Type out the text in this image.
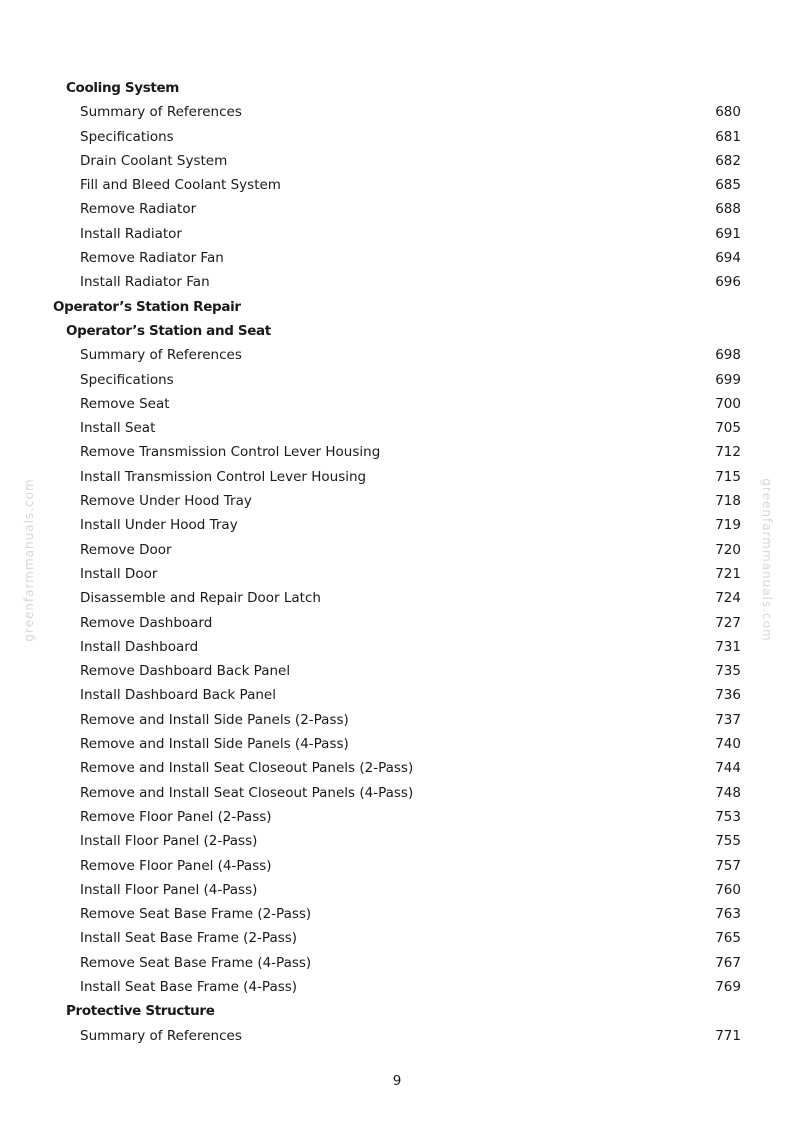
greenfarmmanuals.com	greenfarmmanuals.com
Cooling System
Summary of References	680
Specifications	681
Drain Coolant System	682
Fill and Bleed Coolant System	685
Remove Radiator	688
Install Radiator	691
Remove Radiator Fan	694
Install Radiator Fan	696
Operator’s Station Repair
Operator’s Station and Seat
Summary of References	698
Specifications	699
Remove Seat	700
Install Seat	705
Remove Transmission Control Lever Housing	712
Install Transmission Control Lever Housing	715
Remove Under Hood Tray	718
Install Under Hood Tray	719
Remove Door	720
Install Door	721
Disassemble and Repair Door Latch	724
Remove Dashboard	727
Install Dashboard	731
Remove Dashboard Back Panel	735
Install Dashboard Back Panel	736
Remove and Install Side Panels (2-Pass)	737
Remove and Install Side Panels (4-Pass)	740
Remove and Install Seat Closeout Panels (2-Pass)	744
Remove and Install Seat Closeout Panels (4-Pass)	748
Remove Floor Panel (2-Pass)	753
Install Floor Panel (2-Pass)	755
Remove Floor Panel (4-Pass)	757
Install Floor Panel (4-Pass)	760
Remove Seat Base Frame (2-Pass)	763
Install Seat Base Frame (2-Pass)	765
Remove Seat Base Frame (4-Pass)	767
Install Seat Base Frame (4-Pass)	769
Protective Structure
Summary of References	771
9
